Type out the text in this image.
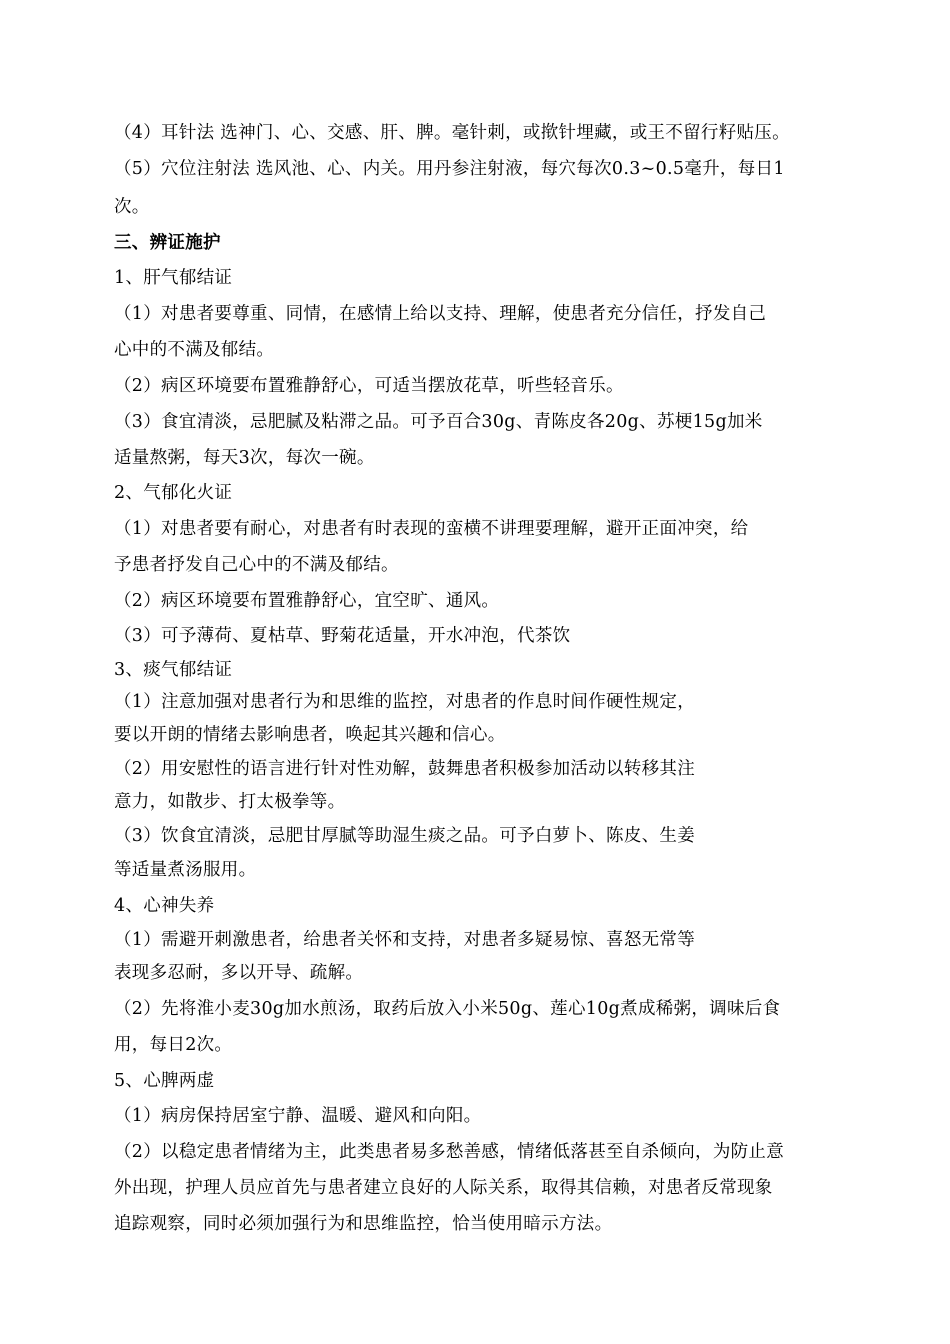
（4）耳针法 选神门、心、交感、肝、脾。毫针刺，或揿针埋藏，或王不留行籽贴压。
（5）穴位注射法 选风池、心、内关。用丹参注射液，每穴每次0.3~0.5毫升，每日1
次。
三、辨证施护
1、肝气郁结证
（1）对患者要尊重、同情，在感情上给以支持、理解，使患者充分信任，抒发自己
心中的不满及郁结。
（2）病区环境要布置雅静舒心，可适当摆放花草，听些轻音乐。
（3）食宜清淡，忌肥腻及粘滞之品。可予百合30g、青陈皮各20g、苏梗15g加米
适量熬粥，每天3次，每次一碗。
2、气郁化火证
（1）对患者要有耐心，对患者有时表现的蛮横不讲理要理解，避开正面冲突，给
予患者抒发自己心中的不满及郁结。
（2）病区环境要布置雅静舒心，宜空旷、通风。
（3）可予薄荷、夏枯草、野菊花适量，开水冲泡，代茶饮
3、痰气郁结证
（1）注意加强对患者行为和思维的监控，对患者的作息时间作硬性规定，
要以开朗的情绪去影响患者，唤起其兴趣和信心。
（2）用安慰性的语言进行针对性劝解，鼓舞患者积极参加活动以转移其注
意力，如散步、打太极拳等。
（3）饮食宜清淡，忌肥甘厚腻等助湿生痰之品。可予白萝卜、陈皮、生姜
等适量煮汤服用。
4、心神失养
（1）需避开刺激患者，给患者关怀和支持，对患者多疑易惊、喜怒无常等
表现多忍耐，多以开导、疏解。
（2）先将淮小麦30g加水煎汤，取药后放入小米50g、莲心10g煮成稀粥，调味后食
用，每日2次。
5、心脾两虚
（1）病房保持居室宁静、温暖、避风和向阳。
（2）以稳定患者情绪为主，此类患者易多愁善感，情绪低落甚至自杀倾向，为防止意
外出现，护理人员应首先与患者建立良好的人际关系，取得其信赖，对患者反常现象
追踪观察，同时必须加强行为和思维监控，恰当使用暗示方法。
